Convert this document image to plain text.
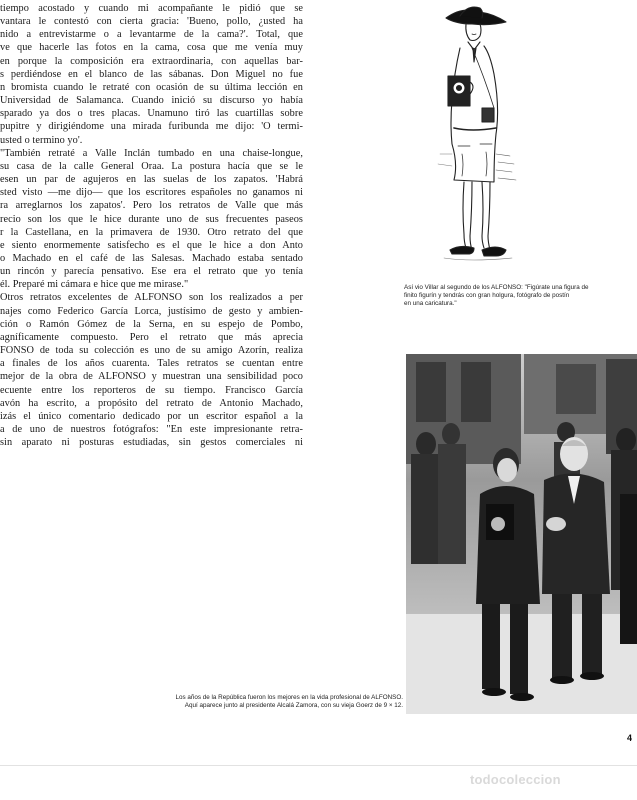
tiempo acostado y cuando mi acompañante le pidió que se
vantara le contestó con cierta gracia: 'Bueno, pollo, ¿usted ha
nido a entrevistarme o a levantarme de la cama?'. Total, que
ve que hacerle las fotos en la cama, cosa que me venía muy
en porque la composición era extraordinaria, con aquellas bar-
s perdiéndose en el blanco de las sábanas. Don Miguel no fue
n bromista cuando le retraté con ocasión de su última lección en
Universidad de Salamanca. Cuando inició su discurso yo había
sparado ya dos o tres placas. Unamuno tiró las cuartillas sobre
pupitre y dirigiéndome una mirada furibunda me dijo: 'O termi-
usted o termino yo'.
"También retraté a Valle Inclán tumbado en una chaise-longue,
su casa de la calle General Oraa. La postura hacía que se le
esen un par de agujeros en las suelas de los zapatos. 'Habrá
sted visto —me dijo— que los escritores españoles no ganamos ni
ra arreglarnos los zapatos'. Pero los retratos de Valle que más
recio son los que le hice durante uno de sus frecuentes paseos
r la Castellana, en la primavera de 1930. Otro retrato del que
e siento enormemente satisfecho es el que le hice a don Anto
o Machado en el café de las Salesas. Machado estaba sentado
un rincón y parecía pensativo. Ese era el retrato que yo tenía
él. Preparé mi cámara e hice que me mirase."
Otros retratos excelentes de ALFONSO son los realizados a per
najes como Federico García Lorca, justísimo de gesto y ambien-
ción o Ramón Gómez de la Serna, en su espejo de Pombo,
agníficamente compuesto. Pero el retrato que más aprecia
FONSO de toda su colección es uno de su amigo Azorín, realiza
a finales de los años cuarenta. Tales retratos se cuentan entre
mejor de la obra de ALFONSO y muestran una sensibilidad poco
ecuente entre los reporteros de su tiempo. Francisco García
avón ha escrito, a propósito del retrato de Antonio Machado,
izás el único comentario dedicado por un escritor español a la
a de uno de nuestros fotógrafos: "En este impresionante retra-
sin aparato ni posturas estudiadas, sin gestos comerciales ni
Así vio Villar al segundo de los ALFONSO: "Figúrate una figura de
finito figurín y tendrás con gran holgura, fotógrafo de postín
en una caricatura."
Los años de la República fueron los mejores en la vida profesional de ALFONSO.
Aquí aparece junto al presidente Alcalá Zamora, con su vieja Goerz de 9 × 12.
4
todocoleccion
